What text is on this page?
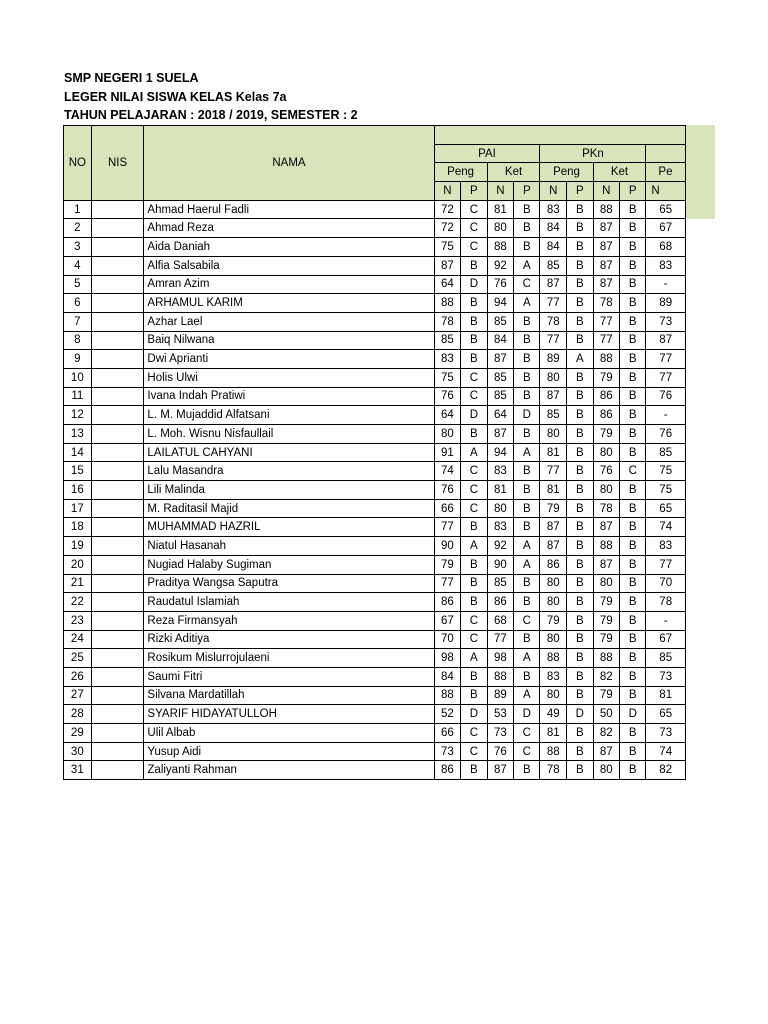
SMP NEGERI 1 SUELA
LEGER NILAI SISWA KELAS Kelas 7a
TAHUN PELAJARAN : 2018 / 2019, SEMESTER : 2
NO	NIS	NAMA									
			PAI				PKn				
			Peng		Ket		Peng		Ket		Pe
			N	P	N	P	N	P	N	P	N
1		Ahmad Haerul Fadli	72	C	81	B	83	B	88	B	65
2		Ahmad Reza	72	C	80	B	84	B	87	B	67
3		Aida Daniah	75	C	88	B	84	B	87	B	68
4		Alfia Salsabila	87	B	92	A	85	B	87	B	83
5		Amran Azim	64	D	76	C	87	B	87	B	-
6		ARHAMUL KARIM	88	B	94	A	77	B	78	B	89
7		Azhar Lael	78	B	85	B	78	B	77	B	73
8		Baiq Nilwana	85	B	84	B	77	B	77	B	87
9		Dwi Aprianti	83	B	87	B	89	A	88	B	77
10		Holis Ulwi	75	C	85	B	80	B	79	B	77
11		Ivana Indah Pratiwi	76	C	85	B	87	B	86	B	76
12		L. M. Mujaddid Alfatsani	64	D	64	D	85	B	86	B	-
13		L. Moh. Wisnu Nisfaullail	80	B	87	B	80	B	79	B	76
14		LAILATUL CAHYANI	91	A	94	A	81	B	80	B	85
15		Lalu Masandra	74	C	83	B	77	B	76	C	75
16		Lili Malinda	76	C	81	B	81	B	80	B	75
17		M. Raditasil Majid	66	C	80	B	79	B	78	B	65
18		MUHAMMAD HAZRIL	77	B	83	B	87	B	87	B	74
19		Niatul Hasanah	90	A	92	A	87	B	88	B	83
20		Nugiad Halaby Sugiman	79	B	90	A	86	B	87	B	77
21		Praditya Wangsa Saputra	77	B	85	B	80	B	80	B	70
22		Raudatul Islamiah	86	B	86	B	80	B	79	B	78
23		Reza Firmansyah	67	C	68	C	79	B	79	B	-
24		Rizki Aditiya	70	C	77	B	80	B	79	B	67
25		Rosikum Mislurrojulaeni	98	A	98	A	88	B	88	B	85
26		Saumi Fitri	84	B	88	B	83	B	82	B	73
27		Silvana Mardatillah	88	B	89	A	80	B	79	B	81
28		SYARIF HIDAYATULLOH	52	D	53	D	49	D	50	D	65
29		Ulil Albab	66	C	73	C	81	B	82	B	73
30		Yusup Aidi	73	C	76	C	88	B	87	B	74
31		Zaliyanti Rahman	86	B	87	B	78	B	80	B	82
